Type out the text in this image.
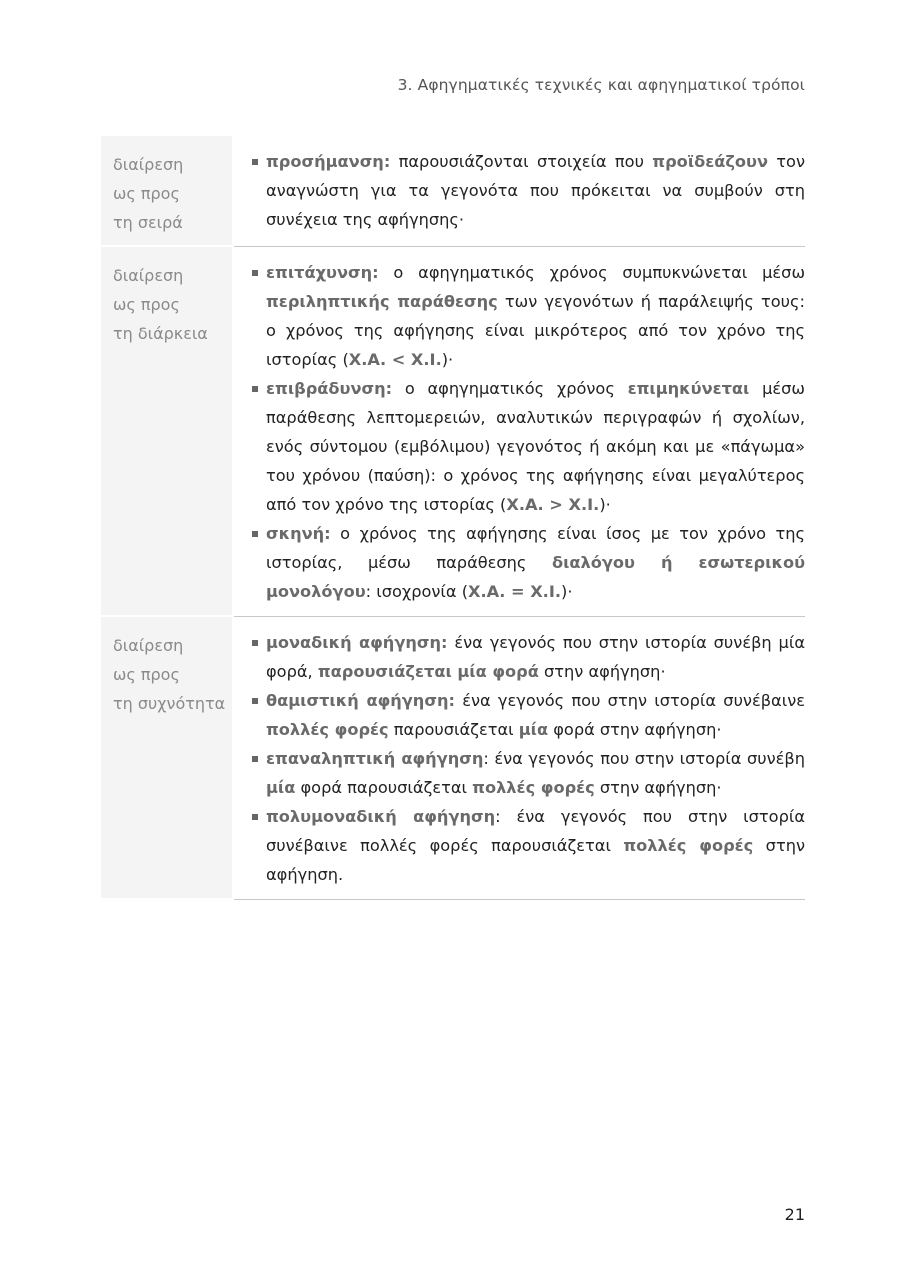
3. Αφηγηματικές τεχνικές και αφηγηματικοί τρόποι
διαίρεση
ως προς
τη σειρά
προσήμανση: παρουσιάζονται στοιχεία που προϊδεάζουν τον αναγνώστη για τα γεγονότα που πρόκειται να συμβούν στη συνέχεια της αφήγησης·
διαίρεση
ως προς
τη διάρκεια
επιτάχυνση: ο αφηγηματικός χρόνος συμπυκνώνεται μέσω περιληπτικής παράθεσης των γεγονότων ή παράλειψής τους: ο χρόνος της αφήγησης είναι μικρότερος από τον χρόνο της ιστορίας (Χ.Α. < Χ.Ι.)·
επιβράδυνση: ο αφηγηματικός χρόνος επιμηκύνεται μέσω παράθεσης λεπτομερειών, αναλυτικών περιγραφών ή σχολίων, ενός σύντομου (εμβόλιμου) γεγονότος ή ακόμη και με «πάγωμα» του χρόνου (παύση): ο χρόνος της αφήγησης είναι μεγαλύτερος από τον χρόνο της ιστορίας (Χ.Α. > Χ.Ι.)·
σκηνή: ο χρόνος της αφήγησης είναι ίσος με τον χρόνο της ιστορίας, μέσω παράθεσης διαλόγου ή εσωτερικού μονολόγου: ισοχρονία (Χ.Α. = Χ.Ι.)·
διαίρεση
ως προς
τη συχνότητα
μοναδική αφήγηση: ένα γεγονός που στην ιστορία συνέβη μία φορά, παρουσιάζεται μία φορά στην αφήγηση·
θαμιστική αφήγηση: ένα γεγονός που στην ιστορία συνέβαινε πολλές φορές παρουσιάζεται μία φορά στην αφήγηση·
επαναληπτική αφήγηση: ένα γεγονός που στην ιστορία συνέβη μία φορά παρουσιάζεται πολλές φορές στην αφήγηση·
πολυμοναδική αφήγηση: ένα γεγονός που στην ιστορία συνέβαινε πολλές φορές παρουσιάζεται πολλές φορές στην αφήγηση.
21
